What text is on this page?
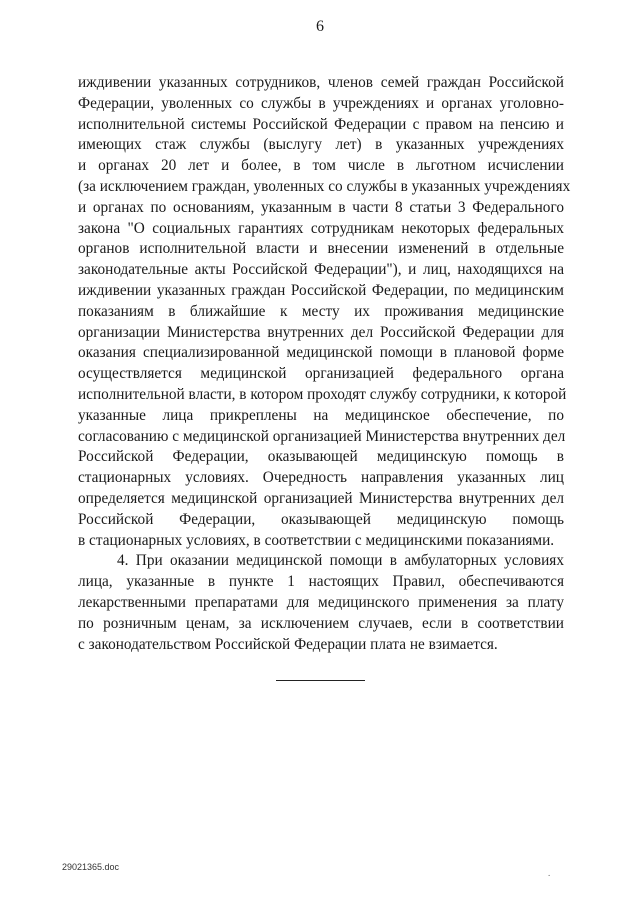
6
иждивении указанных сотрудников, членов семей граждан Российской
Федерации, уволенных со службы в учреждениях и органах уголовно-
исполнительной системы Российской Федерации с правом на пенсию и
имеющих стаж службы (выслугу лет) в указанных учреждениях
и органах 20 лет и более, в том числе в льготном исчислении
(за исключением граждан, уволенных со службы в указанных учреждениях
и органах по основаниям, указанным в части 8 статьи 3 Федерального
закона "О социальных гарантиях сотрудникам некоторых федеральных
органов исполнительной власти и внесении изменений в отдельные
законодательные акты Российской Федерации"), и лиц, находящихся на
иждивении указанных граждан Российской Федерации, по медицинским
показаниям в ближайшие к месту их проживания медицинские
организации Министерства внутренних дел Российской Федерации для
оказания специализированной медицинской помощи в плановой форме
осуществляется медицинской организацией федерального органа
исполнительной власти, в котором проходят службу сотрудники, к которой
указанные лица прикреплены на медицинское обеспечение, по
согласованию с медицинской организацией Министерства внутренних дел
Российской Федерации, оказывающей медицинскую помощь в
стационарных условиях. Очередность направления указанных лиц
определяется медицинской организацией Министерства внутренних дел
Российской Федерации, оказывающей медицинскую помощь
в стационарных условиях, в соответствии с медицинскими показаниями.
4. При оказании медицинской помощи в амбулаторных условиях
лица, указанные в пункте 1 настоящих Правил, обеспечиваются
лекарственными препаратами для медицинского применения за плату
по розничным ценам, за исключением случаев, если в соответствии
с законодательством Российской Федерации плата не взимается.
29021365.doc
.
